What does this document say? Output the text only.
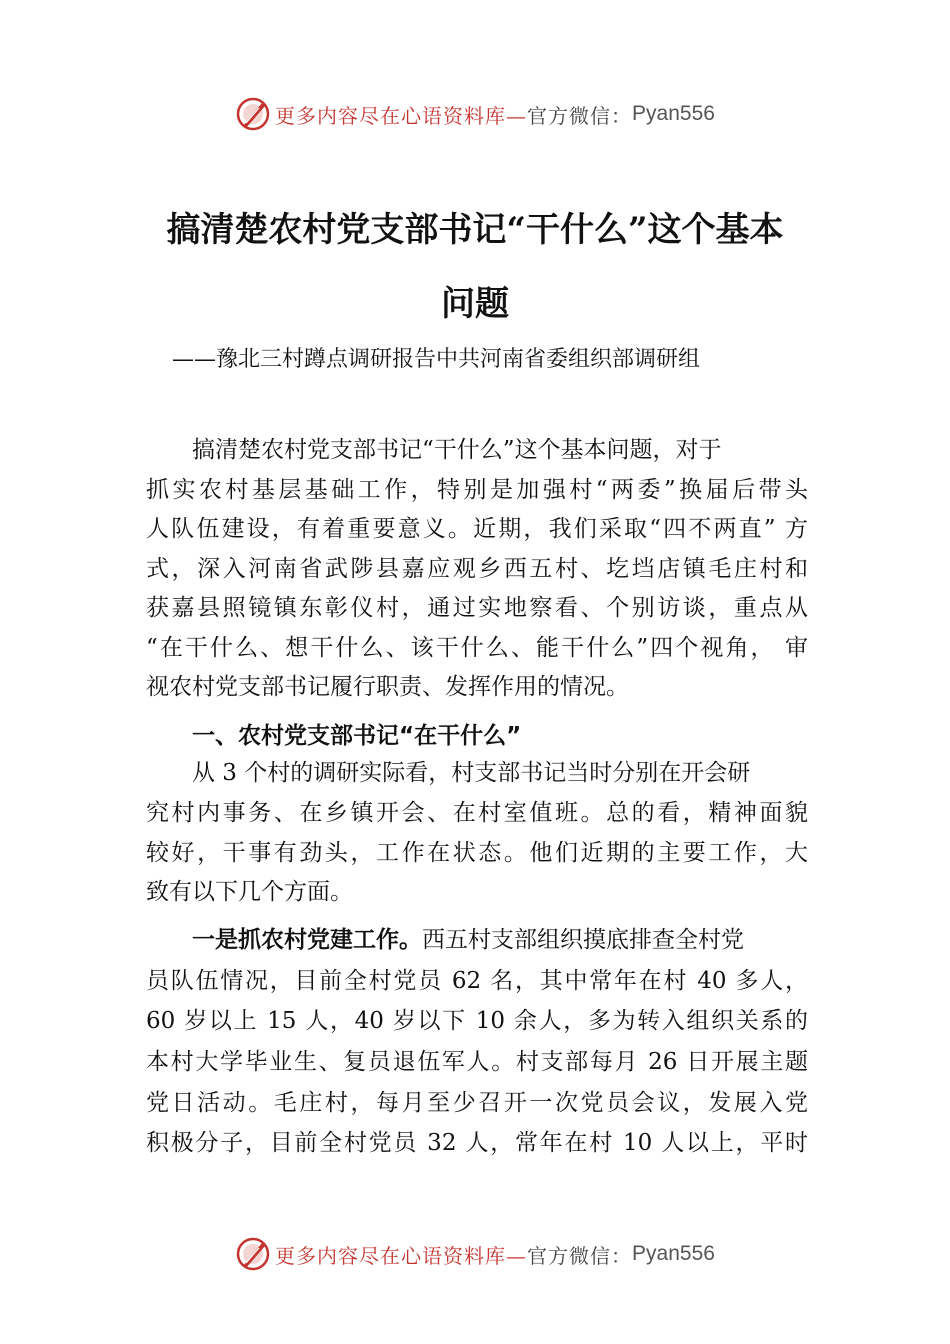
更多内容尽在心语资料库— 官方微信： Pyan556
搞清楚农村党支部书记“干什么”这个基本
问题
——豫北三村蹲点调研报告中共河南省委组织部调研组
搞清楚农村党支部书记“干什么”这个基本问题，对于
抓实农村基层基础工作，特别是加强村“两委”换届后带头
人队伍建设，有着重要意义。近期，我们采取“四不两直” 方
式，深入河南省武陟县嘉应观乡西五村、圪垱店镇毛庄村和
获嘉县照镜镇东彰仪村，通过实地察看、个别访谈，重点从
“在干什么、想干什么、该干什么、能干什么”四个视角， 审
视农村党支部书记履行职责、发挥作用的情况。
一、农村党支部书记“在干什么”
从 3 个村的调研实际看，村支部书记当时分别在开会研
究村内事务、在乡镇开会、在村室值班。总的看，精神面貌
较好，干事有劲头，工作在状态。他们近期的主要工作，大
致有以下几个方面。
一是抓农村党建工作。西五村支部组织摸底排查全村党
员队伍情况，目前全村党员 62 名，其中常年在村 40 多人，
60 岁以上 15 人，40 岁以下 10 余人，多为转入组织关系的
本村大学毕业生、复员退伍军人。村支部每月 26 日开展主题
党日活动。毛庄村，每月至少召开一次党员会议，发展入党
积极分子，目前全村党员 32 人，常年在村 10 人以上，平时
更多内容尽在心语资料库— 官方微信： Pyan556
